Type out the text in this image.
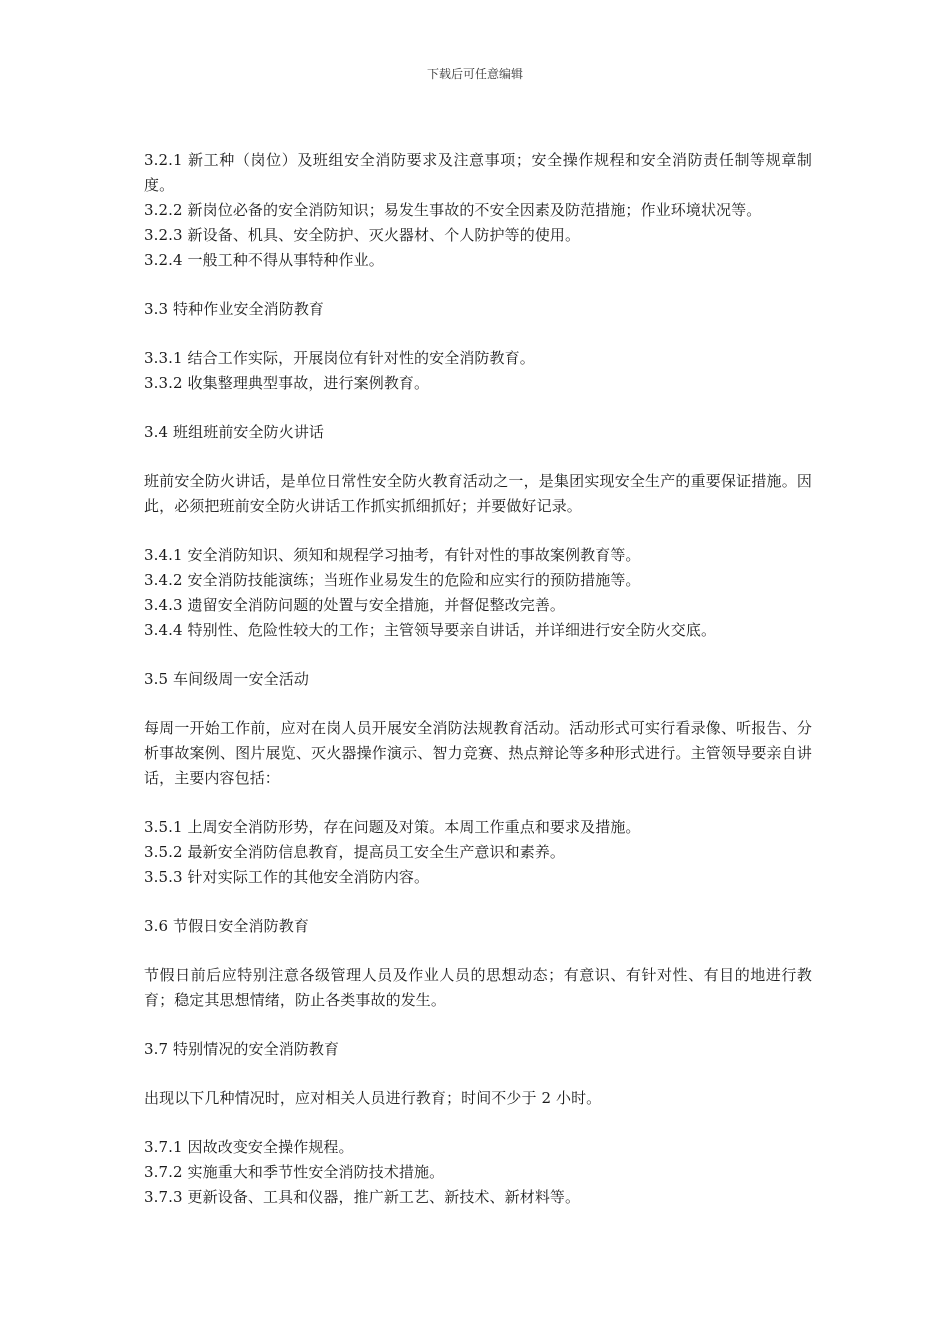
下载后可任意编辑

3.2.1 新工种（岗位）及班组安全消防要求及注意事项；安全操作规程和安全消防责任制等规章制度。

3.2.2 新岗位必备的安全消防知识；易发生事故的不安全因素及防范措施；作业环境状况等。

3.2.3 新设备、机具、安全防护、灭火器材、个人防护等的使用。

3.2.4 一般工种不得从事特种作业。

3.3 特种作业安全消防教育

3.3.1 结合工作实际，开展岗位有针对性的安全消防教育。

3.3.2 收集整理典型事故，进行案例教育。

3.4 班组班前安全防火讲话

班前安全防火讲话，是单位日常性安全防火教育活动之一，是集团实现安全生产的重要保证措施。因此，必须把班前安全防火讲话工作抓实抓细抓好；并要做好记录。

3.4.1 安全消防知识、须知和规程学习抽考，有针对性的事故案例教育等。

3.4.2 安全消防技能演练；当班作业易发生的危险和应实行的预防措施等。

3.4.3 遗留安全消防问题的处置与安全措施，并督促整改完善。

3.4.4 特别性、危险性较大的工作；主管领导要亲自讲话，并详细进行安全防火交底。

3.5 车间级周一安全活动

每周一开始工作前，应对在岗人员开展安全消防法规教育活动。活动形式可实行看录像、听报告、分析事故案例、图片展览、灭火器操作演示、智力竞赛、热点辩论等多种形式进行。主管领导要亲自讲话，主要内容包括：

3.5.1 上周安全消防形势，存在问题及对策。本周工作重点和要求及措施。

3.5.2 最新安全消防信息教育，提高员工安全生产意识和素养。

3.5.3 针对实际工作的其他安全消防内容。

3.6 节假日安全消防教育

节假日前后应特别注意各级管理人员及作业人员的思想动态；有意识、有针对性、有目的地进行教育；稳定其思想情绪，防止各类事故的发生。

3.7 特别情况的安全消防教育

出现以下几种情况时，应对相关人员进行教育；时间不少于 2 小时。

3.7.1 因故改变安全操作规程。

3.7.2 实施重大和季节性安全消防技术措施。

3.7.3 更新设备、工具和仪器，推广新工艺、新技术、新材料等。
